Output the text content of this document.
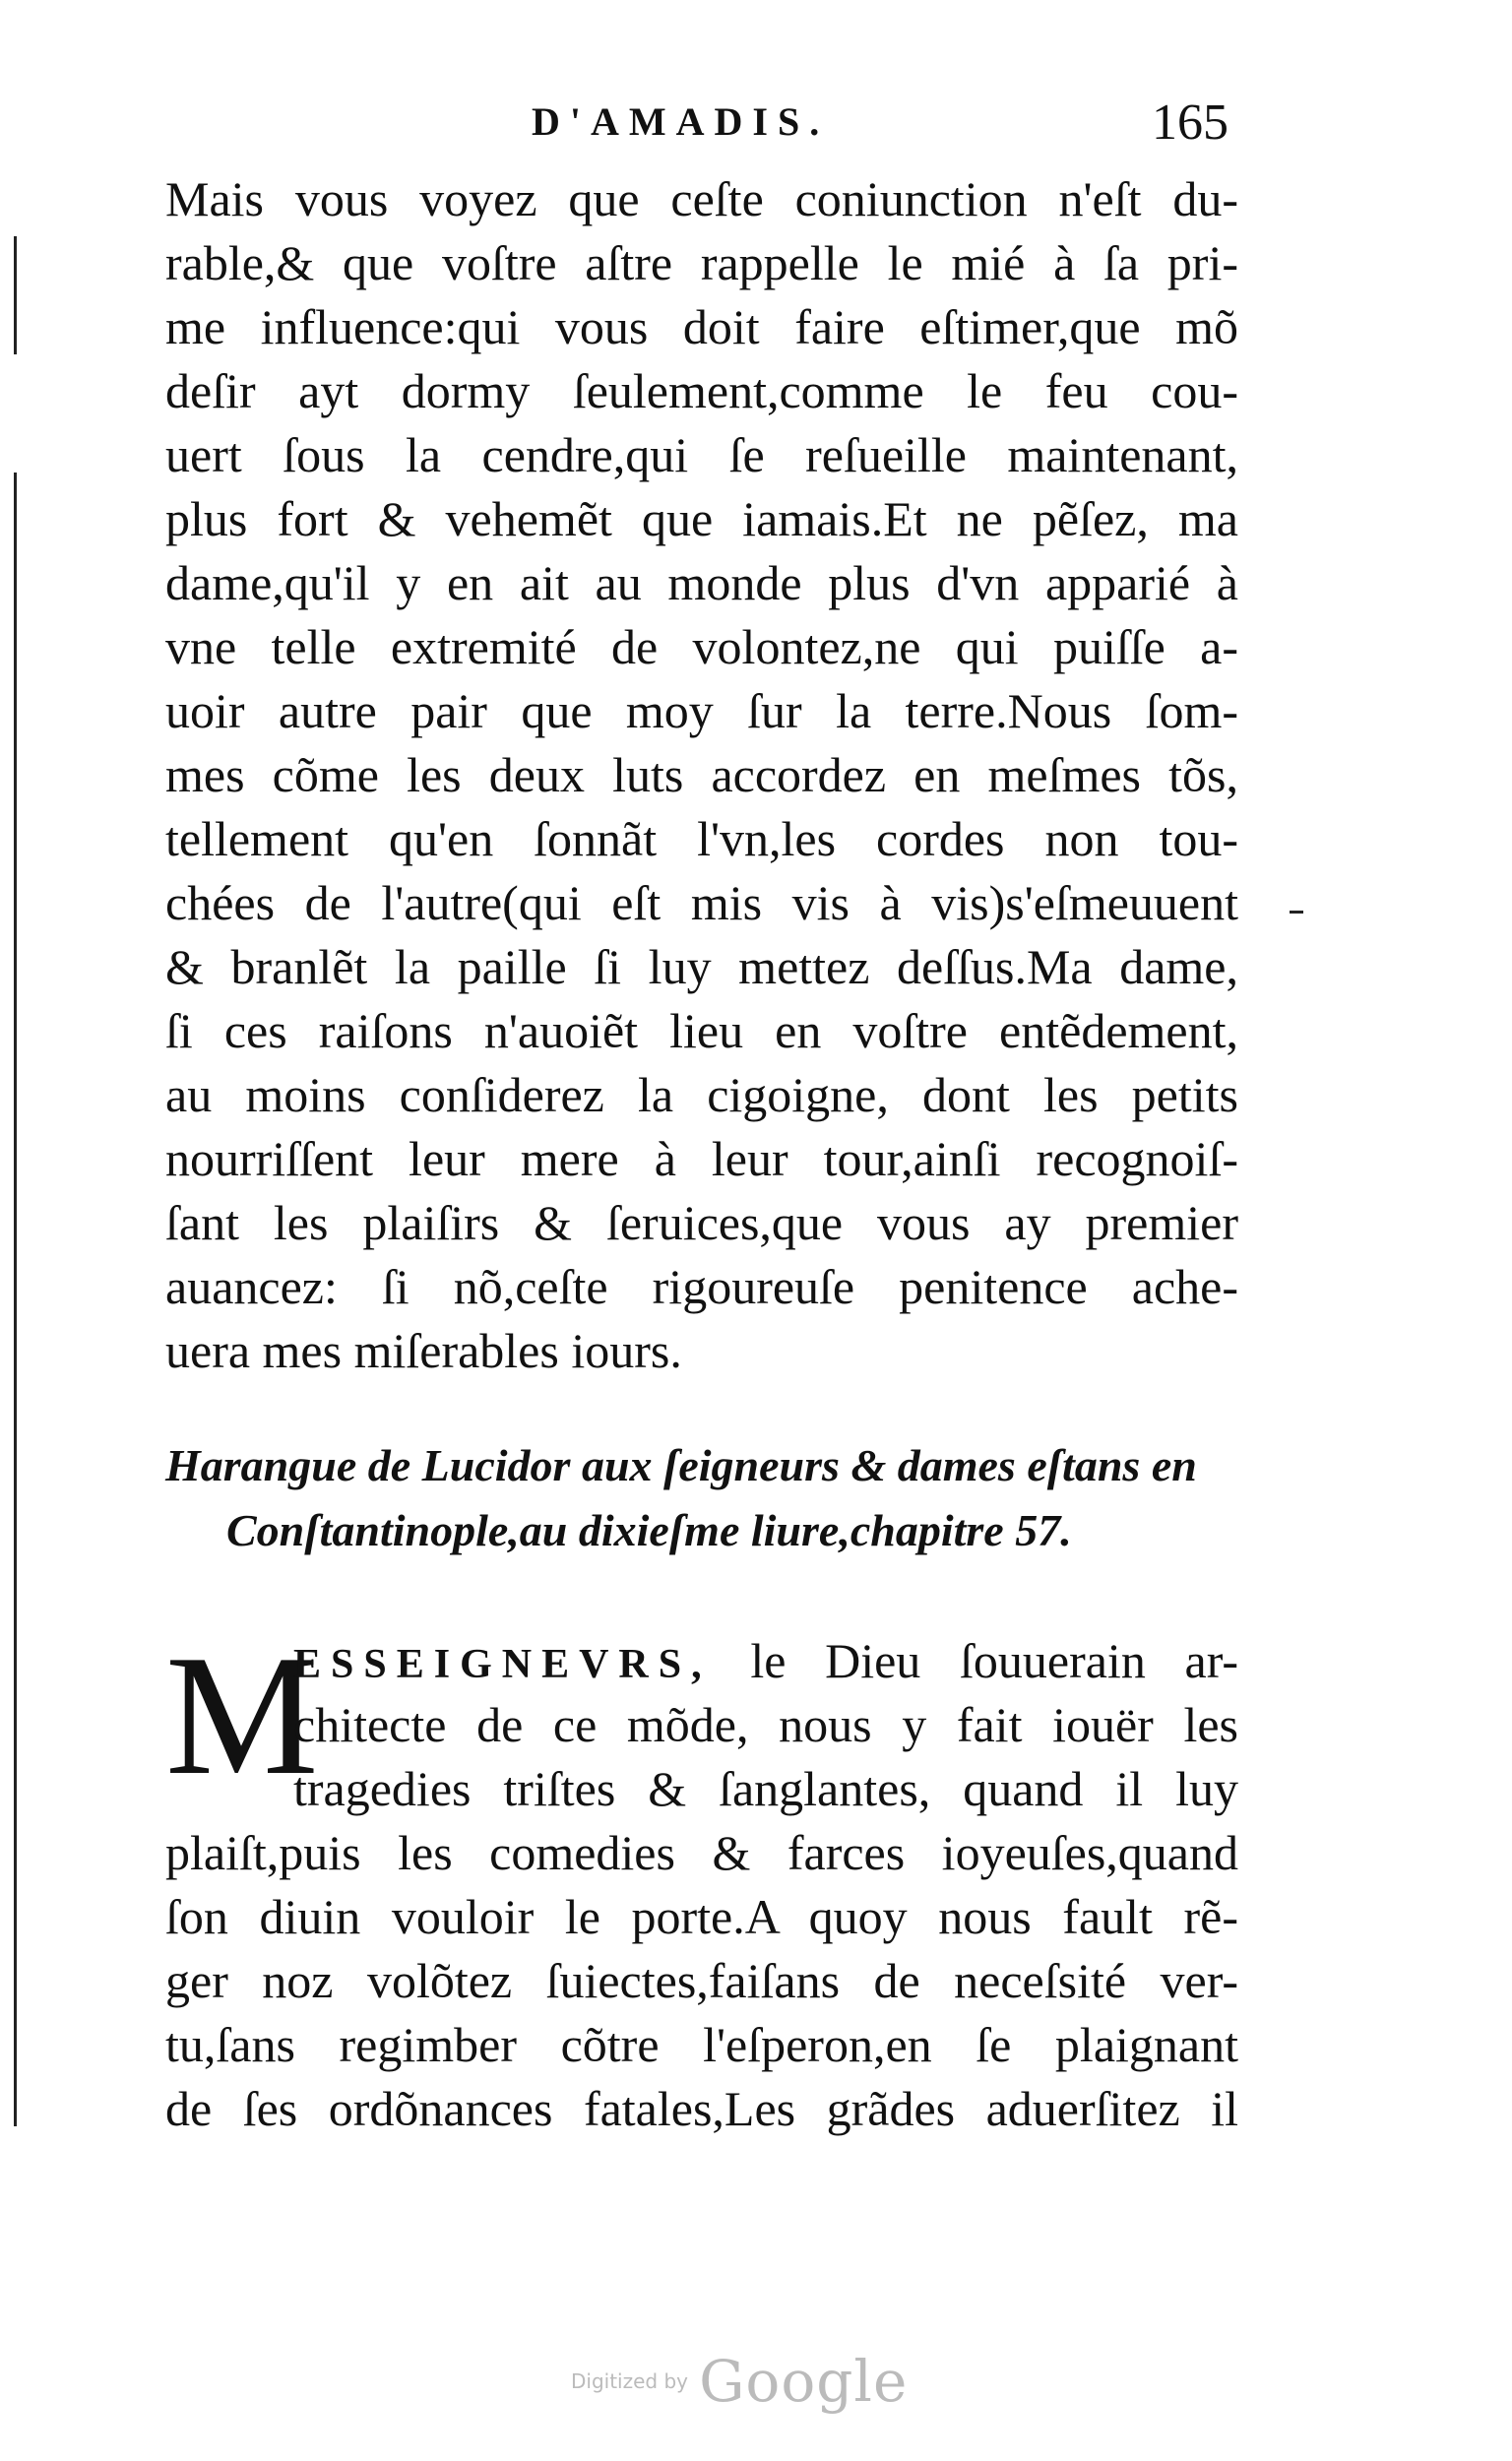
D'AMADIS.	165
Mais vous voyez que ceſte coniunction n'eſt du-
rable,& que voſtre aſtre rappelle le mié à ſa pri-
me influence:qui vous doit faire eſtimer,que mõ
deſir ayt dormy ſeulement,comme le feu cou-
uert ſous la cendre,qui ſe reſueille maintenant,
plus fort & vehemẽt que iamais.Et ne pẽſez, ma
dame,qu'il y en ait au monde plus d'vn apparié à
vne telle extremité de volontez,ne qui puiſſe a-
uoir autre pair que moy ſur la terre.Nous ſom-
mes cõme les deux luts accordez en meſmes tõs,
tellement qu'en ſonnãt l'vn,les cordes non tou-
chées de l'autre(qui eſt mis vis à vis)s'eſmeuuent
& branlẽt la paille ſi luy mettez deſſus.Ma dame,
ſi ces raiſons n'auoiẽt lieu en voſtre entẽdement,
au moins conſiderez la cigoigne, dont les petits
nourriſſent leur mere à leur tour,ainſi recognoiſ-
ſant les plaiſirs & ſeruices,que vous ay premier
auancez: ſi nõ,ceſte rigoureuſe penitence ache-
uera mes miſerables iours.
Harangue de Lucidor aux ſeigneurs & dames eſtans en
Conſtantinople,au dixieſme liure,chapitre 57.
M
ESSEIGNEVRS, le Dieu ſouuerain ar-
chitecte de ce mõde, nous y fait iouër les
tragedies triſtes & ſanglantes, quand il luy
plaiſt,puis les comedies & farces ioyeuſes,quand
ſon diuin vouloir le porte.A quoy nous fault rẽ-
ger noz volõtez ſuiectes,faiſans de neceſsité ver-
tu,ſans regimber cõtre l'eſperon,en ſe plaignant
de ſes ordõnances fatales,Les grãdes aduerſitez il
Digitized by Google
